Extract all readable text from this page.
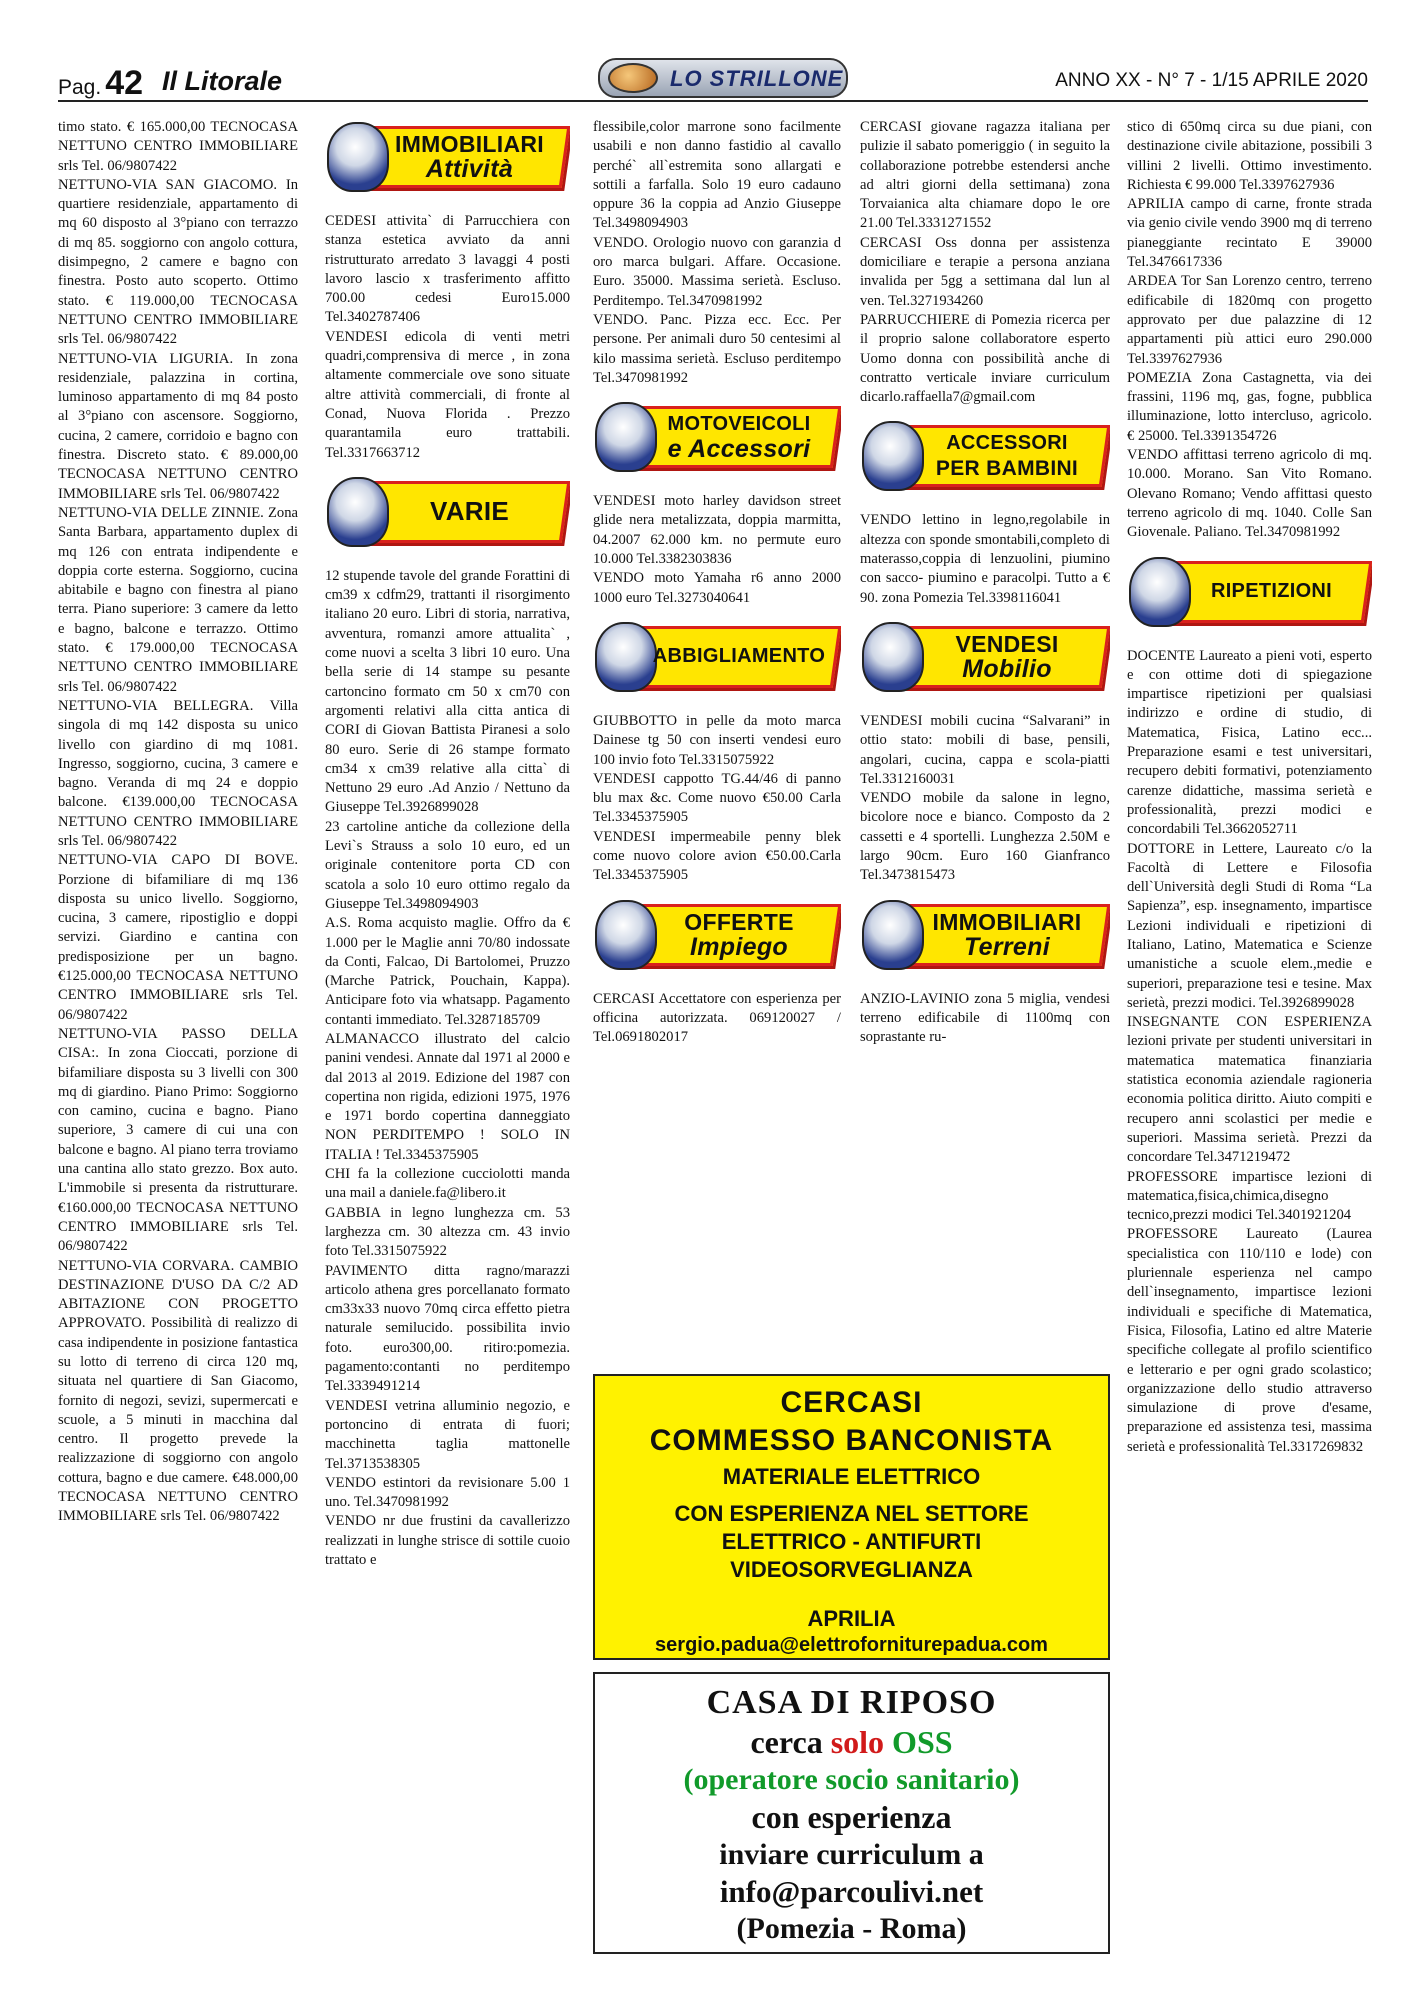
Pag. 42 Il Litorale	LO STRILLONE	ANNO XX - N° 7 - 1/15 APRILE 2020

timo stato. € 165.000,00 TECNOCASA NETTUNO CENTRO IMMOBILIARE srls Tel. 06/9807422

NETTUNO-VIA SAN GIACOMO. In quartiere residenziale, appartamento di mq 60 disposto al 3°piano con terrazzo di mq 85. soggiorno con angolo cottura, disimpegno, 2 camere e bagno con finestra. Posto auto scoperto. Ottimo stato. € 119.000,00 TECNOCASA NETTUNO CENTRO IMMOBILIARE srls Tel. 06/9807422

NETTUNO-VIA LIGURIA. In zona residenziale, palazzina in cortina, luminoso appartamento di mq 84 posto al 3°piano con ascensore. Soggiorno, cucina, 2 camere, corridoio e bagno con finestra. Discreto stato. € 89.000,00 TECNOCASA NETTUNO CENTRO IMMOBILIARE srls Tel. 06/9807422

NETTUNO-VIA DELLE ZINNIE. Zona Santa Barbara, appartamento duplex di mq 126 con entrata indipendente e doppia corte esterna. Soggiorno, cucina abitabile e bagno con finestra al piano terra. Piano superiore: 3 camere da letto e bagno, balcone e terrazzo. Ottimo stato. € 179.000,00 TECNOCASA NETTUNO CENTRO IMMOBILIARE srls Tel. 06/9807422

NETTUNO-VIA BELLEGRA. Villa singola di mq 142 disposta su unico livello con giardino di mq 1081. Ingresso, soggiorno, cucina, 3 camere e bagno. Veranda di mq 24 e doppio balcone. €139.000,00 TECNOCASA NETTUNO CENTRO IMMOBILIARE srls Tel. 06/9807422

NETTUNO-VIA CAPO DI BOVE. Porzione di bifamiliare di mq 136 disposta su unico livello. Soggiorno, cucina, 3 camere, ripostiglio e doppi servizi. Giardino e cantina con predisposizione per un bagno. €125.000,00 TECNOCASA NETTUNO CENTRO IMMOBILIARE srls Tel. 06/9807422

NETTUNO-VIA PASSO DELLA CISA:. In zona Cioccati, porzione di bifamiliare disposta su 3 livelli con 300 mq di giardino. Piano Primo: Soggiorno con camino, cucina e bagno. Piano superiore, 3 camere di cui una con balcone e bagno. Al piano terra troviamo una cantina allo stato grezzo. Box auto. L'immobile si presenta da ristrutturare. €160.000,00 TECNOCASA NETTUNO CENTRO IMMOBILIARE srls Tel. 06/9807422

NETTUNO-VIA CORVARA. CAMBIO DESTINAZIONE D'USO DA C/2 AD ABITAZIONE CON PROGETTO APPROVATO. Possibilità di realizzo di casa indipendente in posizione fantastica su lotto di terreno di circa 120 mq, situata nel quartiere di San Giacomo, fornito di negozi, sevizi, supermercati e scuole, a 5 minuti in macchina dal centro. Il progetto prevede la realizzazione di soggiorno con angolo cottura, bagno e due camere. €48.000,00 TECNOCASA NETTUNO CENTRO IMMOBILIARE srls Tel. 06/9807422

IMMOBILIARI
Attività

CEDESI attivita` di Parrucchiera con stanza estetica avviato da anni ristrutturato arredato 3 lavaggi 4 posti lavoro lascio x trasferimento affitto 700.00 cedesi Euro15.000 Tel.3402787406

VENDESI edicola di venti metri quadri,comprensiva di merce , in zona altamente commerciale ove sono situate altre attività commerciali, di fronte al Conad, Nuova Florida . Prezzo quarantamila euro trattabili. Tel.3317663712

VARIE

12 stupende tavole del grande Forattini di cm39 x cdfm29, trattanti il risorgimento italiano 20 euro. Libri di storia, narrativa, avventura, romanzi amore attualita` , come nuovi a scelta 3 libri 10 euro. Una bella serie di 14 stampe su pesante cartoncino formato cm 50 x cm70 con argomenti relativi alla citta antica di CORI di Giovan Battista Piranesi a solo 80 euro. Serie di 26 stampe formato cm34 x cm39 relative alla citta` di Nettuno 29 euro .Ad Anzio / Nettuno da Giuseppe Tel.3926899028

23 cartoline antiche da collezione della Levi`s Strauss a solo 10 euro, ed un originale contenitore porta CD con scatola a solo 10 euro ottimo regalo da Giuseppe Tel.3498094903

A.S. Roma acquisto maglie. Offro da € 1.000 per le Maglie anni 70/80 indossate da Conti, Falcao, Di Bartolomei, Pruzzo (Marche Patrick, Pouchain, Kappa). Anticipare foto via whatsapp. Pagamento contanti immediato. Tel.3287185709

ALMANACCO illustrato del calcio panini vendesi. Annate dal 1971 al 2000 e dal 2013 al 2019. Edizione del 1987 con copertina non rigida, edizioni 1975, 1976 e 1971 bordo copertina danneggiato NON PERDITEMPO ! SOLO IN ITALIA ! Tel.3345375905

CHI fa la collezione cucciolotti manda una mail a daniele.fa@libero.it

GABBIA in legno lunghezza cm. 53 larghezza cm. 30 altezza cm. 43 invio foto Tel.3315075922

PAVIMENTO ditta ragno/marazzi articolo athena gres porcellanato formato cm33x33 nuovo 70mq circa effetto pietra naturale semilucido. possibilita invio foto. euro300,00. ritiro:pomezia. pagamento:contanti no perditempo Tel.3339491214

VENDESI vetrina alluminio negozio, e portoncino di entrata di fuori; macchinetta taglia mattonelle Tel.3713538305

VENDO estintori da revisionare 5.00 1 uno. Tel.3470981992

VENDO nr due frustini da cavallerizzo realizzati in lunghe strisce di sottile cuoio trattato e

flessibile,color marrone sono facilmente usabili e non danno fastidio al cavallo perché` all`estremita sono allargati e sottili a farfalla. Solo 19 euro cadauno oppure 36 la coppia ad Anzio Giuseppe Tel.3498094903

VENDO. Orologio nuovo con garanzia d oro marca bulgari. Affare. Occasione. Euro. 35000. Massima serietà. Escluso. Perditempo. Tel.3470981992

VENDO. Panc. Pizza ecc. Ecc. Per persone. Per animali duro 50 centesimi al kilo massima serietà. Escluso perditempo Tel.3470981992

MOTOVEICOLI
e Accessori

VENDESI moto harley davidson street glide nera metalizzata, doppia marmitta, 04.2007 62.000 km. no permute euro 10.000 Tel.3382303836

VENDO moto Yamaha r6 anno 2000 1000 euro Tel.3273040641

ABBIGLIAMENTO

GIUBBOTTO in pelle da moto marca Dainese tg 50 con inserti vendesi euro 100 invio foto Tel.3315075922

VENDESI cappotto TG.44/46 di panno blu max &c. Come nuovo €50.00 Carla Tel.3345375905

VENDESI impermeabile penny blek come nuovo colore avion €50.00.Carla Tel.3345375905

OFFERTE
Impiego

CERCASI Accettatore con esperienza per officina autorizzata. 069120027 / Tel.0691802017

CERCASI giovane ragazza italiana per pulizie il sabato pomeriggio ( in seguito la collaborazione potrebbe estendersi anche ad altri giorni della settimana) zona Torvaianica alta chiamare dopo le ore 21.00 Tel.3331271552

CERCASI Oss donna per assistenza domiciliare e terapie a persona anziana invalida per 5gg a settimana dal lun al ven. Tel.3271934260

PARRUCCHIERE di Pomezia ricerca per il proprio salone collaboratore esperto Uomo donna con possibilità anche di contratto verticale inviare curriculum dicarlo.raffaella7@gmail.com

ACCESSORI
PER BAMBINI

VENDO lettino in legno,regolabile in altezza con sponde smontabili,completo di materasso,coppia di lenzuolini, piumino con sacco- piumino e paracolpi. Tutto a € 90. zona Pomezia Tel.3398116041

VENDESI
Mobilio

VENDESI mobili cucina “Salvarani” in ottio stato: mobili di base, pensili, angolari, cucina, cappa e scola-piatti Tel.3312160031

VENDO mobile da salone in legno, bicolore noce e bianco. Composto da 2 cassetti e 4 sportelli. Lunghezza 2.50M e largo 90cm. Euro 160 Gianfranco Tel.3473815473

IMMOBILIARI
Terreni

ANZIO-LAVINIO zona 5 miglia, vendesi terreno edificabile di 1100mq con soprastante ru-

stico di 650mq circa su due piani, con destinazione civile abitazione, possibili 3 villini 2 livelli. Ottimo investimento. Richiesta € 99.000 Tel.3397627936

APRILIA campo di carne, fronte strada via genio civile vendo 3900 mq di terreno pianeggiante recintato E 39000 Tel.3476617336

ARDEA Tor San Lorenzo centro, terreno edificabile di 1820mq con progetto approvato per due palazzine di 12 appartamenti più attici euro 290.000 Tel.3397627936

POMEZIA Zona Castagnetta, via dei frassini, 1196 mq, gas, fogne, pubblica illuminazione, lotto intercluso, agricolo. € 25000. Tel.3391354726

VENDO affittasi terreno agricolo di mq. 10.000. Morano. San Vito Romano. Olevano Romano; Vendo affittasi questo terreno agricolo di mq. 1040. Colle San Giovenale. Paliano. Tel.3470981992

RIPETIZIONI

DOCENTE Laureato a pieni voti, esperto e con ottime doti di spiegazione impartisce ripetizioni per qualsiasi indirizzo e ordine di studio, di Matematica, Fisica, Latino ecc... Preparazione esami e test universitari, recupero debiti formativi, potenziamento carenze didattiche, massima serietà e professionalità, prezzi modici e concordabili Tel.3662052711

DOTTORE in Lettere, Laureato c/o la Facoltà di Lettere e Filosofia dell`Università degli Studi di Roma “La Sapienza”, esp. insegnamento, impartisce Lezioni individuali e ripetizioni di Italiano, Latino, Matematica e Scienze umanistiche a scuole elem.,medie e superiori, preparazione tesi e tesine. Max serietà, prezzi modici. Tel.3926899028

INSEGNANTE CON ESPERIENZA lezioni private per studenti universitari in matematica matematica finanziaria statistica economia aziendale ragioneria economia politica diritto. Aiuto compiti e recupero anni scolastici per medie e superiori. Massima serietà. Prezzi da concordare Tel.3471219472

PROFESSORE impartisce lezioni di matematica,fisica,chimica,disegno tecnico,prezzi modici Tel.3401921204

PROFESSORE Laureato (Laurea specialistica con 110/110 e lode) con pluriennale esperienza nel campo dell`insegnamento, impartisce lezioni individuali e specifiche di Matematica, Fisica, Filosofia, Latino ed altre Materie specifiche collegate al profilo scientifico e letterario e per ogni grado scolastico; organizzazione dello studio attraverso simulazione di prove d'esame, preparazione ed assistenza tesi, massima serietà e professionalità Tel.3317269832

CERCASI
COMMESSO BANCONISTA
MATERIALE ELETTRICO
CON ESPERIENZA NEL SETTORE
ELETTRICO - ANTIFURTI
VIDEOSORVEGLIANZA
APRILIA
sergio.padua@elettroforniturepadua.com
CASA DI RIPOSO
cerca solo OSS
(operatore socio sanitario)
con esperienza
inviare curriculum a
info@parcoulivi.net
(Pomezia - Roma)
